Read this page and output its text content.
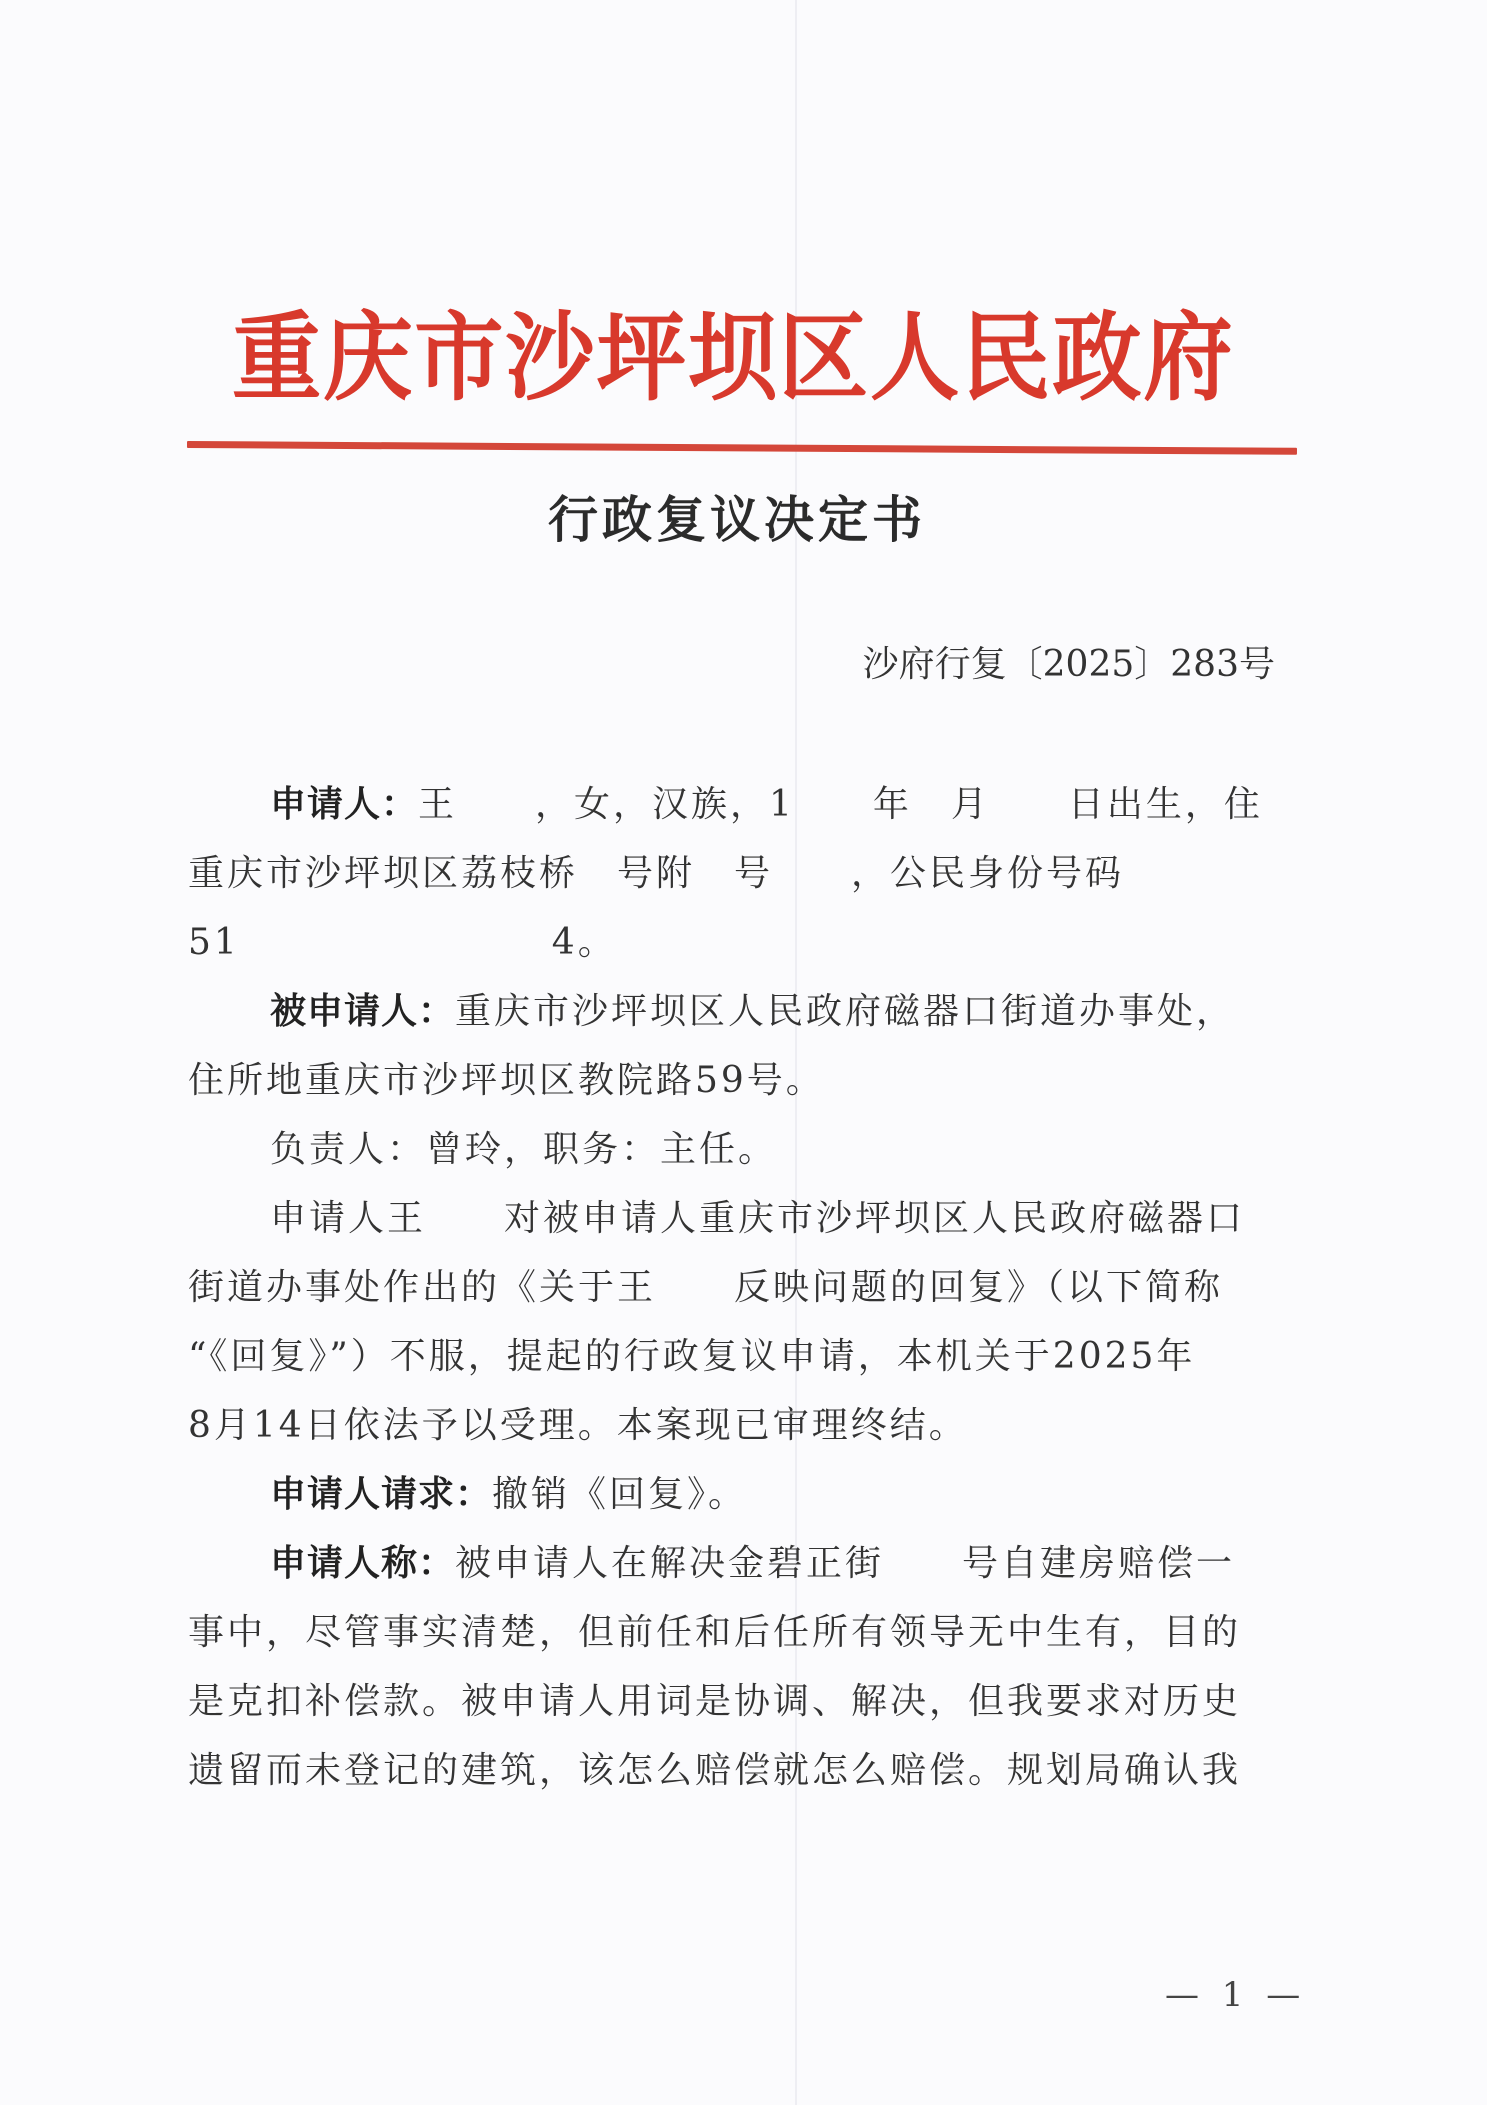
重庆市沙坪坝区人民政府
行政复议决定书
沙府行复〔2025〕283号
申请人：王　　，女，汉族，1　　年　月　　日出生，住
重庆市沙坪坝区荔枝桥　号附　号　　，公民身份号码
51　　　　　　　　4。
被申请人：重庆市沙坪坝区人民政府磁器口街道办事处，
住所地重庆市沙坪坝区教院路59号。
负责人：曾玲，职务：主任。
申请人王　　对被申请人重庆市沙坪坝区人民政府磁器口
街道办事处作出的《关于王　　反映问题的回复》（以下简称
“《回复》”）不服，提起的行政复议申请，本机关于2025年
8月14日依法予以受理。本案现已审理终结。
申请人请求：撤销《回复》。
申请人称：被申请人在解决金碧正街　　号自建房赔偿一
事中，尽管事实清楚，但前任和后任所有领导无中生有，目的
是克扣补偿款。被申请人用词是协调、解决，但我要求对历史
遗留而未登记的建筑，该怎么赔偿就怎么赔偿。规划局确认我
— 1 —
